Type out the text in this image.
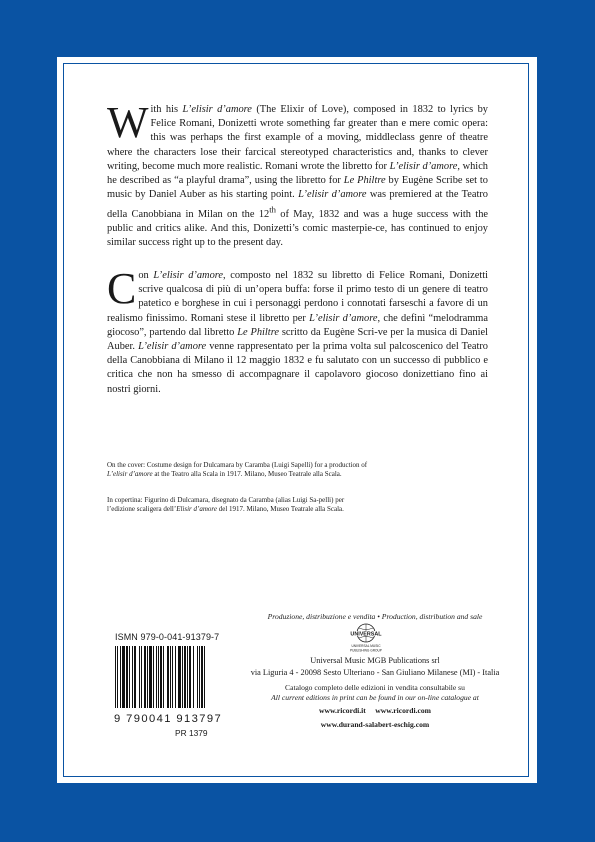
W ith his L’elisir d’amore (The Elixir of Love), composed in 1832 to lyrics by Felice Romani, Donizetti wrote something far greater than e mere comic opera: this was perhaps the first example of a moving, middleclass genre of theatre where the characters lose their farcical stereotyped characteristics and, thanks to clever writing, become much more realistic. Romani wrote the libretto for L’elisir d’amore, which he described as “a playful drama”, using the libretto for Le Philtre by Eugène Scribe set to music by Daniel Auber as his starting point. L’elisir d’amore was premiered at the Teatro della Canobbiana in Milan on the 12th of May, 1832 and was a huge success with the public and critics alike. And this, Donizetti’s comic masterpie-ce, has continued to enjoy similar success right up to the present day.
C on L’elisir d’amore, composto nel 1832 su libretto di Felice Romani, Donizetti scrive qualcosa di più di un’opera buffa: forse il primo testo di un genere di teatro patetico e borghese in cui i personaggi perdono i connotati farseschi a favore di un realismo finissimo. Romani stese il libretto per L’elisir d’amore, che definì “melodramma giocoso”, partendo dal libretto Le Philtre scritto da Eugène Scri-ve per la musica di Daniel Auber. L’elisir d’amore venne rappresentato per la prima volta sul palcoscenico del Teatro della Canobbiana di Milano il 12 maggio 1832 e fu salutato con un successo di pubblico e critica che non ha smesso di accompagnare il capolavoro giocoso donizettiano fino ai nostri giorni.
On the cover: Costume design for Dulcamara by Caramba (Luigi Sapelli) for a production of L’elisir d’amore at the Teatro alla Scala in 1917. Milano, Museo Teatrale alla Scala.
In copertina: Figurino di Dulcamara, disegnato da Caramba (alias Luigi Sa-pelli) per l’edizione scaligera dell’Elisir d’amore del 1917. Milano, Museo Teatrale alla Scala.
Produzione, distribuzione e vendita • Production, distribution and sale
UNIVERSAL
UNIVERSAL MUSIC
PUBLISHING GROUP
Universal Music MGB Publications srl
via Liguria 4 - 20098 Sesto Ulteriano - San Giuliano Milanese (MI) - Italia
Catalogo completo delle edizioni in vendita consultabile su
All current editions in print can be found in our on-line catalogue at
www.ricordi.it     www.ricordi.com
www.durand-salabert-eschig.com
ISMN 979-0-041-91379-7
9 790041 913797
PR 1379
